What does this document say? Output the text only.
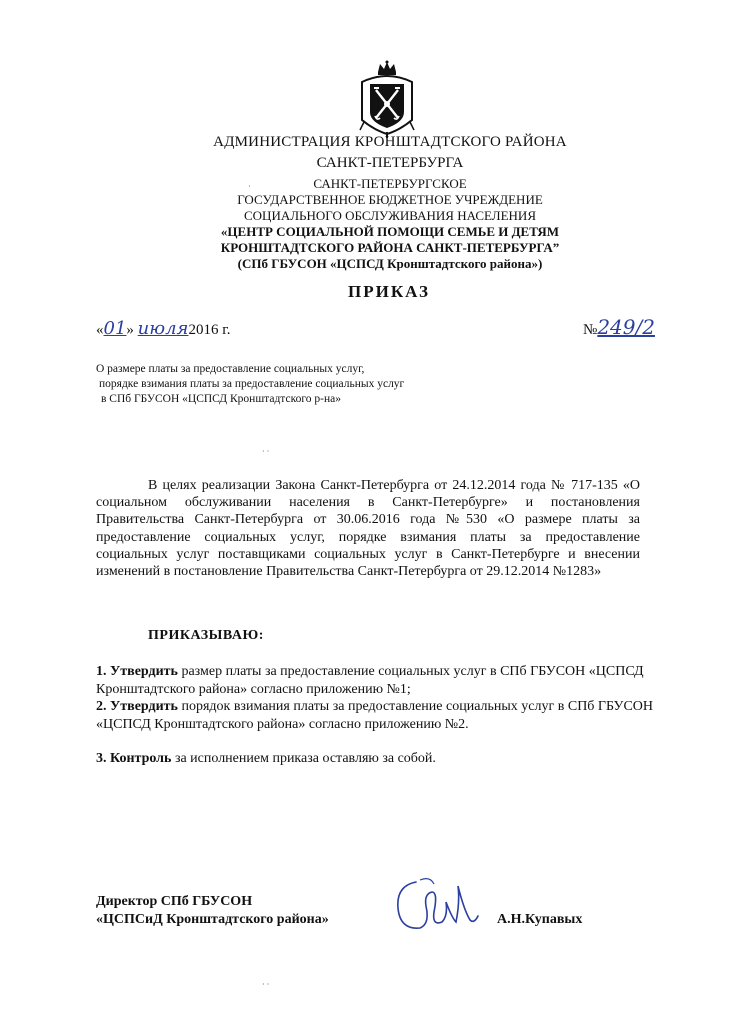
АДМИНИСТРАЦИЯ КРОНШТАДТСКОГО РАЙОНА
САНКТ-ПЕТЕРБУРГА
САНКТ-ПЕТЕРБУРГСКОЕ
ГОСУДАРСТВЕННОЕ БЮДЖЕТНОЕ УЧРЕЖДЕНИЕ
СОЦИАЛЬНОГО ОБСЛУЖИВАНИЯ НАСЕЛЕНИЯ
«ЦЕНТР СОЦИАЛЬНОЙ ПОМОЩИ СЕМЬЕ И ДЕТЯМ
КРОНШТАДТСКОГО РАЙОНА САНКТ-ПЕТЕРБУРГА”
(СПб ГБУСОН «ЦСПСД Кронштадтского района»)
ПРИКАЗ
«01» июля2016 г.	№249/2
О размере платы за предоставление социальных услуг,
порядке взимания платы за предоставление социальных услуг
в СПб ГБУСОН «ЦСПСД Кронштадтского р-на»
В целях реализации Закона Санкт-Петербурга от 24.12.2014 года № 717-135 «О социальном обслуживании населения в Санкт-Петербурге» и постановления Правительства Санкт-Петербурга от 30.06.2016 года №530 «О размере платы за предоставление социальных услуг, порядке взимания платы за предоставление социальных услуг поставщиками социальных услуг в Санкт-Петербурге и внесении изменений в постановление Правительства Санкт-Петербурга от 29.12.2014 №1283»
ПРИКАЗЫВАЮ:
1. Утвердить размер платы за предоставление социальных услуг в СПб ГБУСОН «ЦСПСД Кронштадтского района» согласно приложению №1;
2. Утвердить порядок взимания платы за предоставление социальных услуг в СПб ГБУСОН «ЦСПСД Кронштадтского района» согласно приложению №2.
3. Контроль за исполнением приказа оставляю за собой.
Директор СПб ГБУСОН
«ЦСПСиД Кронштадтского района»	А.Н.Купавых
·
· ·
· ·
